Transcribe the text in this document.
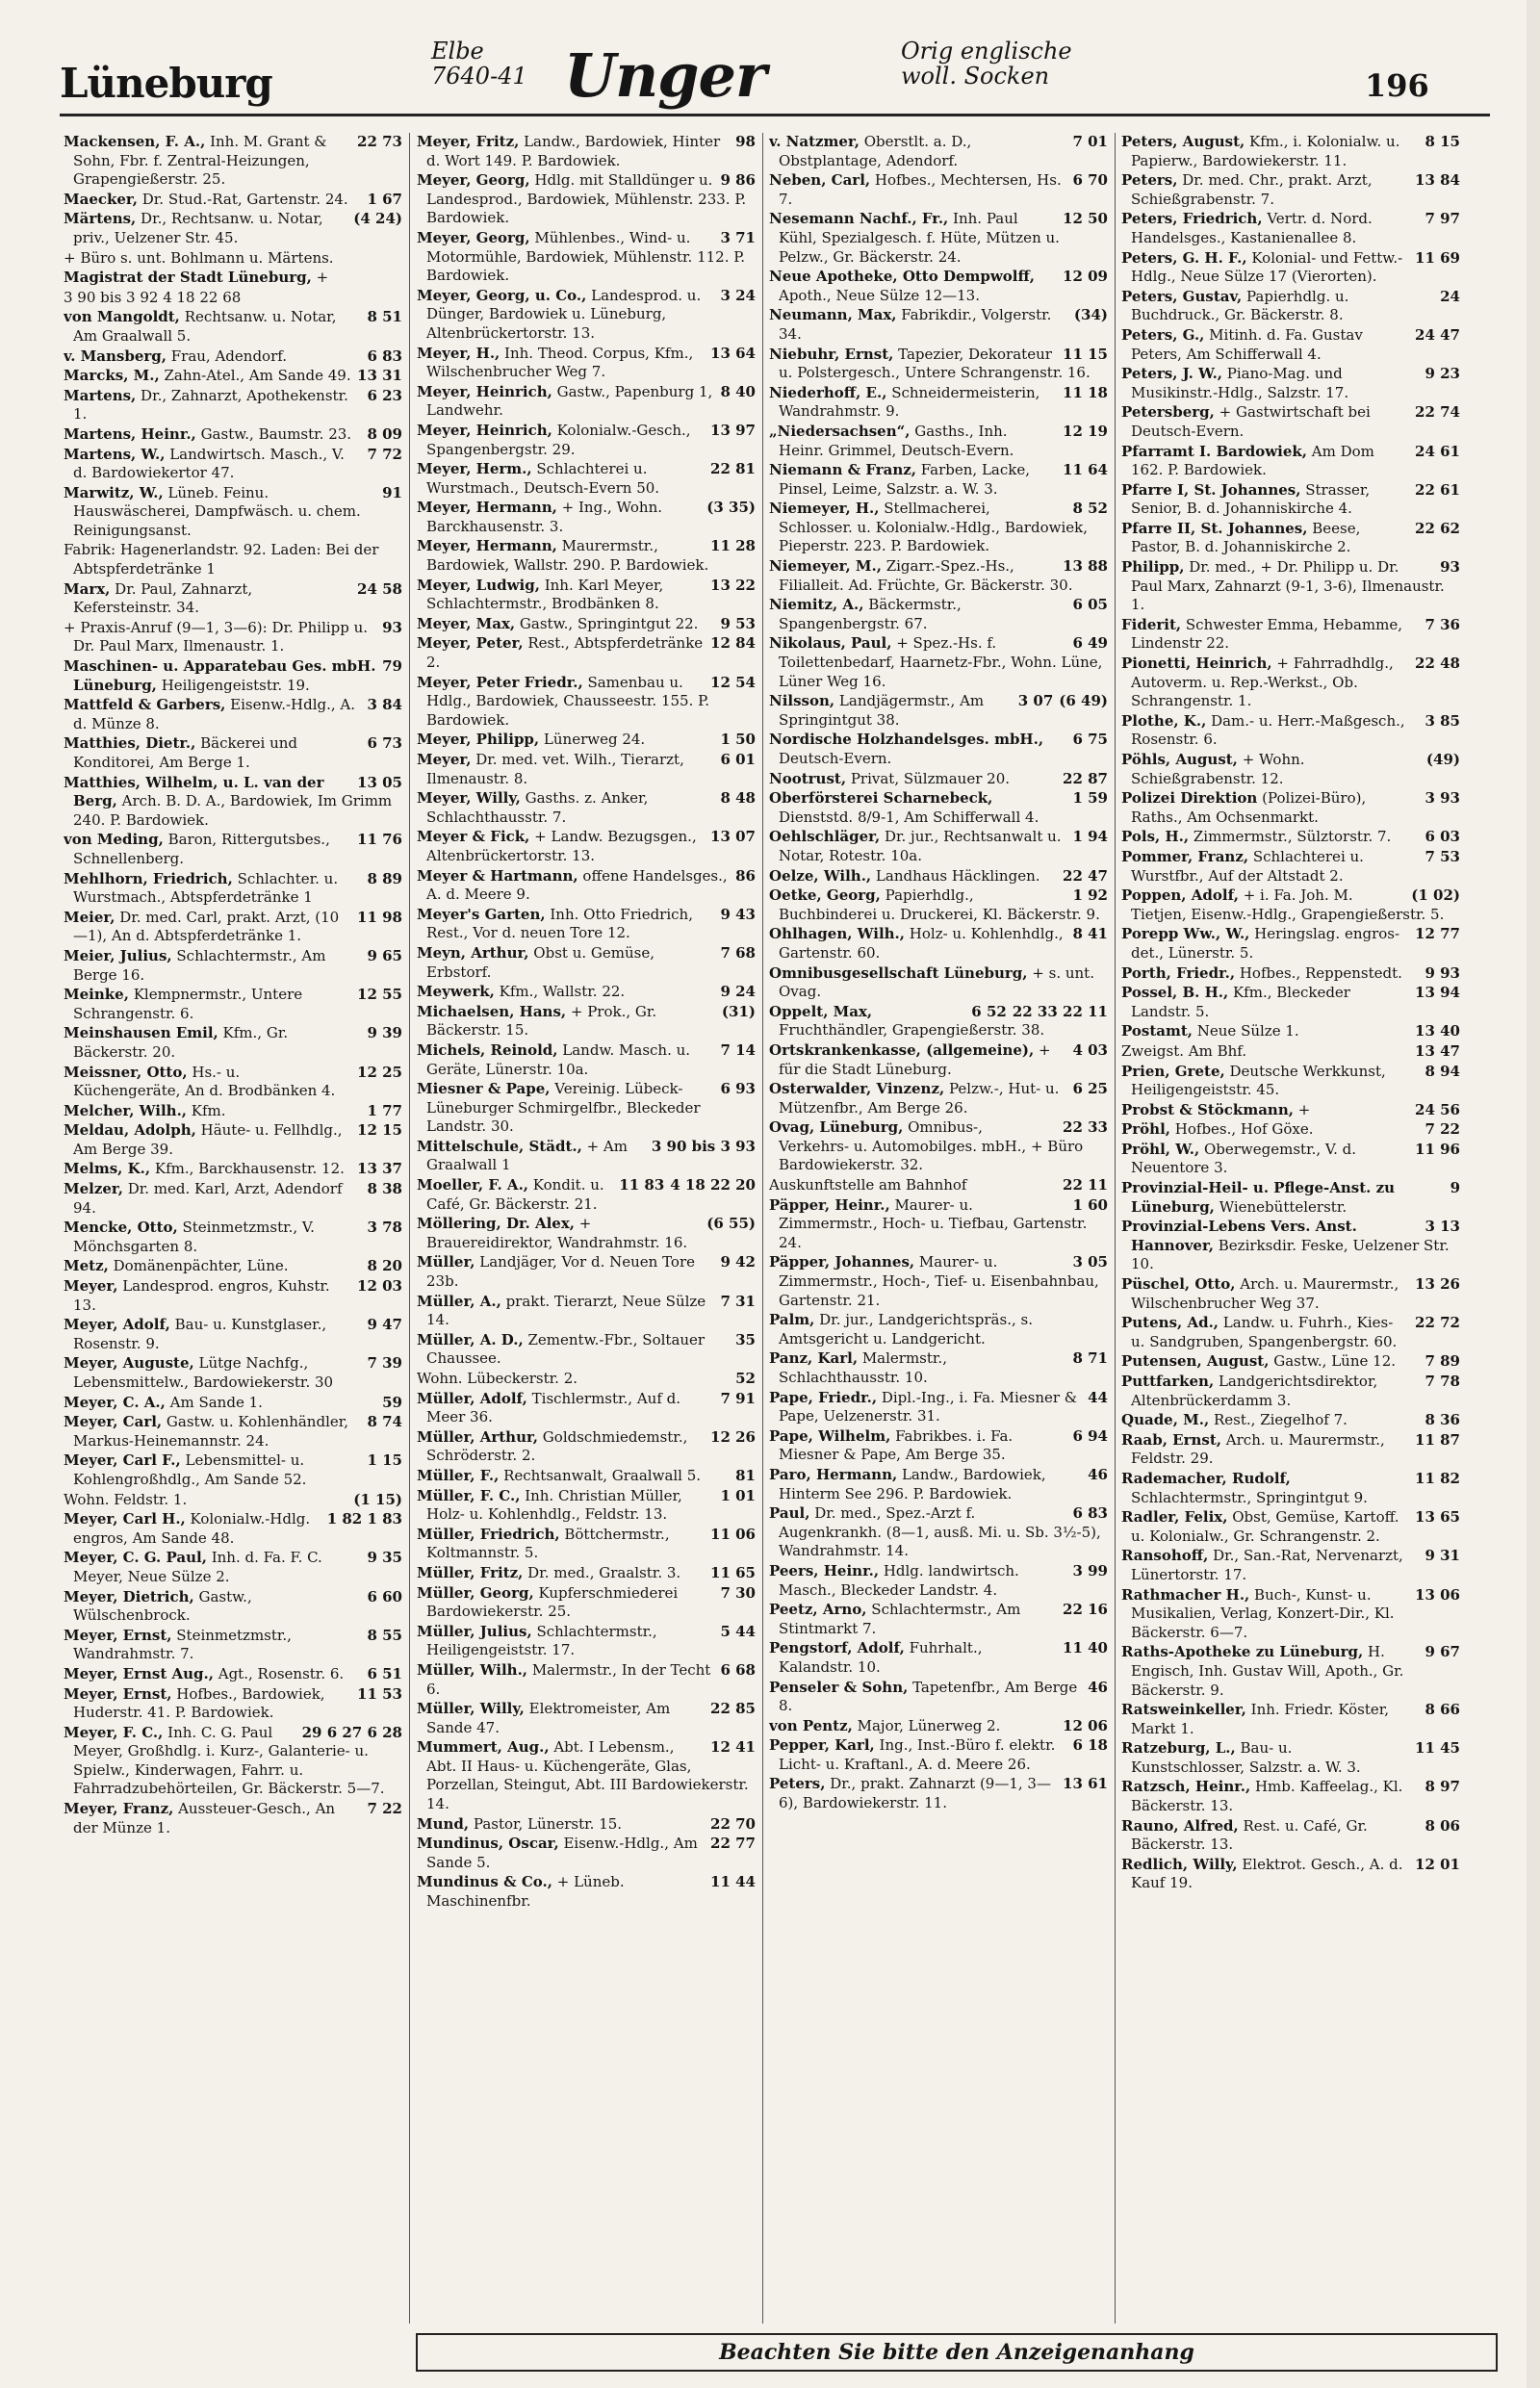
Lüneburg
Elbe
7640-41 Unger	Orig englische
woll. Socken	196
22 73
Mackensen, F. A., Inh. M. Grant & Sohn, Fbr. f. Zentral-Heizungen, Grapengießerstr. 25.
1 67
Maecker, Dr. Stud.-Rat, Gartenstr. 24.
(4 24)
Märtens, Dr., Rechtsanw. u. Notar, priv., Uelzener Str. 45.
+ Büro s. unt. Bohlmann u. Märtens.
Magistrat der Stadt Lüneburg, +
3 90 bis 3 92 4 18 22 68
8 51
von Mangoldt, Rechtsanw. u. Notar, Am Graalwall 5.
6 83
v. Mansberg, Frau, Adendorf.
13 31
Marcks, M., Zahn-Atel., Am Sande 49.
6 23
Martens, Dr., Zahnarzt, Apothekenstr. 1.
8 09
Martens, Heinr., Gastw., Baumstr. 23.
7 72
Martens, W., Landwirtsch. Masch., V. d. Bardowiekertor 47.
91
Marwitz, W., Lüneb. Feinu. Hauswäscherei, Dampfwäsch. u. chem. Reinigungsanst.
Fabrik: Hagenerlandstr. 92. Laden: Bei der Abtspferdetränke 1
24 58
Marx, Dr. Paul, Zahnarzt, Kefersteinstr. 34.
93
+ Praxis-Anruf (9—1, 3—6): Dr. Philipp u. Dr. Paul Marx, Ilmenaustr. 1.
79
Maschinen- u. Apparatebau Ges. mbH. Lüneburg, Heiligengeiststr. 19.
3 84
Mattfeld & Garbers, Eisenw.-Hdlg., A. d. Münze 8.
6 73
Matthies, Dietr., Bäckerei und Konditorei, Am Berge 1.
13 05
Matthies, Wilhelm, u. L. van der Berg, Arch. B. D. A., Bardowiek, Im Grimm 240. P. Bardowiek.
11 76
von Meding, Baron, Rittergutsbes., Schnellenberg.
8 89
Mehlhorn, Friedrich, Schlachter. u. Wurstmach., Abtspferdetränke 1
11 98
Meier, Dr. med. Carl, prakt. Arzt, (10—1), An d. Abtspferdetränke 1.
9 65
Meier, Julius, Schlachtermstr., Am Berge 16.
12 55
Meinke, Klempnermstr., Untere Schrangenstr. 6.
9 39
Meinshausen Emil, Kfm., Gr. Bäckerstr. 20.
12 25
Meissner, Otto, Hs.- u. Küchengeräte, An d. Brodbänken 4.
1 77
Melcher, Wilh., Kfm.
12 15
Meldau, Adolph, Häute- u. Fellhdlg., Am Berge 39.
13 37
Melms, K., Kfm., Barckhausenstr. 12.
8 38
Melzer, Dr. med. Karl, Arzt, Adendorf 94.
3 78
Mencke, Otto, Steinmetzmstr., V. Mönchsgarten 8.
8 20
Metz, Domänenpächter, Lüne.
12 03
Meyer, Landesprod. engros, Kuhstr. 13.
9 47
Meyer, Adolf, Bau- u. Kunstglaser., Rosenstr. 9.
7 39
Meyer, Auguste, Lütge Nachfg., Lebensmittelw., Bardowiekerstr. 30
59
Meyer, C. A., Am Sande 1.
8 74
Meyer, Carl, Gastw. u. Kohlenhändler, Markus-Heinemannstr. 24.
1 15
Meyer, Carl F., Lebensmittel- u. Kohlengroßhdlg., Am Sande 52.
(1 15)
Wohn. Feldstr. 1.
1 82 1 83
Meyer, Carl H., Kolonialw.-Hdlg. engros, Am Sande 48.
9 35
Meyer, C. G. Paul, Inh. d. Fa. F. C. Meyer, Neue Sülze 2.
6 60
Meyer, Dietrich, Gastw., Wülschenbrock.
8 55
Meyer, Ernst, Steinmetzmstr., Wandrahmstr. 7.
6 51
Meyer, Ernst Aug., Agt., Rosenstr. 6.
11 53
Meyer, Ernst, Hofbes., Bardowiek, Huderstr. 41. P. Bardowiek.
29 6 27 6 28
Meyer, F. C., Inh. C. G. Paul Meyer, Großhdlg. i. Kurz-, Galanterie- u. Spielw., Kinderwagen, Fahrr. u. Fahrradzubehörteilen, Gr. Bäckerstr. 5—7.
7 22
Meyer, Franz, Aussteuer-Gesch., An der Münze 1.
98
Meyer, Fritz, Landw., Bardowiek, Hinter d. Wort 149. P. Bardowiek.
9 86
Meyer, Georg, Hdlg. mit Stalldünger u. Landesprod., Bardowiek, Mühlenstr. 233. P. Bardowiek.
3 71
Meyer, Georg, Mühlenbes., Wind- u. Motormühle, Bardowiek, Mühlenstr. 112. P. Bardowiek.
3 24
Meyer, Georg, u. Co., Landesprod. u. Dünger, Bardowiek u. Lüneburg, Altenbrückertorstr. 13.
13 64
Meyer, H., Inh. Theod. Corpus, Kfm., Wilschenbrucher Weg 7.
8 40
Meyer, Heinrich, Gastw., Papenburg 1, Landwehr.
13 97
Meyer, Heinrich, Kolonialw.-Gesch., Spangenbergstr. 29.
22 81
Meyer, Herm., Schlachterei u. Wurstmach., Deutsch-Evern 50.
(3 35)
Meyer, Hermann, + Ing., Wohn. Barckhausenstr. 3.
11 28
Meyer, Hermann, Maurermstr., Bardowiek, Wallstr. 290. P. Bardowiek.
13 22
Meyer, Ludwig, Inh. Karl Meyer, Schlachtermstr., Brodbänken 8.
9 53
Meyer, Max, Gastw., Springintgut 22.
12 84
Meyer, Peter, Rest., Abtspferdetränke 2.
12 54
Meyer, Peter Friedr., Samenbau u. Hdlg., Bardowiek, Chausseestr. 155. P. Bardowiek.
1 50
Meyer, Philipp, Lünerweg 24.
6 01
Meyer, Dr. med. vet. Wilh., Tierarzt, Ilmenaustr. 8.
8 48
Meyer, Willy, Gasths. z. Anker, Schlachthausstr. 7.
13 07
Meyer & Fick, + Landw. Bezugsgen., Altenbrückertorstr. 13.
86
Meyer & Hartmann, offene Handelsges., A. d. Meere 9.
9 43
Meyer's Garten, Inh. Otto Friedrich, Rest., Vor d. neuen Tore 12.
7 68
Meyn, Arthur, Obst u. Gemüse, Erbstorf.
9 24
Meywerk, Kfm., Wallstr. 22.
(31)
Michaelsen, Hans, + Prok., Gr. Bäckerstr. 15.
7 14
Michels, Reinold, Landw. Masch. u. Geräte, Lünerstr. 10a.
6 93
Miesner & Pape, Vereinig. Lübeck-Lüneburger Schmirgelfbr., Bleckeder Landstr. 30.
3 90 bis 3 93
Mittelschule, Städt., + Am Graalwall 1
4 18 22 20
11 83
Moeller, F. A., Kondit. u. Café, Gr. Bäckerstr. 21.
(6 55)
Möllering, Dr. Alex, + Brauereidirektor, Wandrahmstr. 16.
9 42
Müller, Landjäger, Vor d. Neuen Tore 23b.
7 31
Müller, A., prakt. Tierarzt, Neue Sülze 14.
35
Müller, A. D., Zementw.-Fbr., Soltauer Chaussee.
52
Wohn. Lübeckerstr. 2.
7 91
Müller, Adolf, Tischlermstr., Auf d. Meer 36.
12 26
Müller, Arthur, Goldschmiedemstr., Schröderstr. 2.
81
Müller, F., Rechtsanwalt, Graalwall 5.
1 01
Müller, F. C., Inh. Christian Müller, Holz- u. Kohlenhdlg., Feldstr. 13.
11 06
Müller, Friedrich, Böttchermstr., Koltmannstr. 5.
11 65
Müller, Fritz, Dr. med., Graalstr. 3.
7 30
Müller, Georg, Kupferschmiederei Bardowiekerstr. 25.
5 44
Müller, Julius, Schlachtermstr., Heiligengeiststr. 17.
6 68
Müller, Wilh., Malermstr., In der Techt 6.
22 85
Müller, Willy, Elektromeister, Am Sande 47.
12 41
Mummert, Aug., Abt. I Lebensm., Abt. II Haus- u. Küchengeräte, Glas, Porzellan, Steingut, Abt. III Bardowiekerstr. 14.
22 70
Mund, Pastor, Lünerstr. 15.
22 77
Mundinus, Oscar, Eisenw.-Hdlg., Am Sande 5.
11 44
Mundinus & Co., + Lüneb. Maschinenfbr.
7 01
v. Natzmer, Oberstlt. a. D., Obstplantage, Adendorf.
6 70
Neben, Carl, Hofbes., Mechtersen, Hs. 7.
12 50
Nesemann Nachf., Fr., Inh. Paul Kühl, Spezialgesch. f. Hüte, Mützen u. Pelzw., Gr. Bäckerstr. 24.
12 09
Neue Apotheke, Otto Dempwolff, Apoth., Neue Sülze 12—13.
(34)
Neumann, Max, Fabrikdir., Volgerstr. 34.
11 15
Niebuhr, Ernst, Tapezier, Dekorateur u. Polstergesch., Untere Schrangenstr. 16.
11 18
Niederhoff, E., Schneidermeisterin, Wandrahmstr. 9.
12 19
„Niedersachsen“, Gasths., Inh. Heinr. Grimmel, Deutsch-Evern.
11 64
Niemann & Franz, Farben, Lacke, Pinsel, Leime, Salzstr. a. W. 3.
8 52
Niemeyer, H., Stellmacherei, Schlosser. u. Kolonialw.-Hdlg., Bardowiek, Pieperstr. 223. P. Bardowiek.
13 88
Niemeyer, M., Zigarr.-Spez.-Hs., Filialleit. Ad. Früchte, Gr. Bäckerstr. 30.
6 05
Niemitz, A., Bäckermstr., Spangenbergstr. 67.
6 49
Nikolaus, Paul, + Spez.-Hs. f. Toilettenbedarf, Haarnetz-Fbr., Wohn. Lüne, Lüner Weg 16.
(6 49)
3 07
Nilsson, Landjägermstr., Am Springintgut 38.
6 75
Nordische Holzhandelsges. mbH., Deutsch-Evern.
22 87
Nootrust, Privat, Sülzmauer 20.
1 59
Oberförsterei Scharnebeck, Dienststd. 8/9-1, Am Schifferwall 4.
1 94
Oehlschläger, Dr. jur., Rechtsanwalt u. Notar, Rotestr. 10a.
22 47
Oelze, Wilh., Landhaus Häcklingen.
1 92
Oetke, Georg, Papierhdlg., Buchbinderei u. Druckerei, Kl. Bäckerstr. 9.
8 41
Ohlhagen, Wilh., Holz- u. Kohlenhdlg., Gartenstr. 60.
Omnibusgesellschaft Lüneburg, + s. unt. Ovag.
22 33 22 11
6 52
Oppelt, Max, Fruchthändler, Grapengießerstr. 38.
4 03
Ortskrankenkasse, (allgemeine), + für die Stadt Lüneburg.
6 25
Osterwalder, Vinzenz, Pelzw.-, Hut- u. Mützenfbr., Am Berge 26.
22 33
Ovag, Lüneburg, Omnibus-, Verkehrs- u. Automobilges. mbH., + Büro Bardowiekerstr. 32.
22 11
Auskunftstelle am Bahnhof
1 60
Päpper, Heinr., Maurer- u. Zimmermstr., Hoch- u. Tiefbau, Gartenstr. 24.
3 05
Päpper, Johannes, Maurer- u. Zimmermstr., Hoch-, Tief- u. Eisenbahnbau, Gartenstr. 21.
Palm, Dr. jur., Landgerichtspräs., s. Amtsgericht u. Landgericht.
8 71
Panz, Karl, Malermstr., Schlachthausstr. 10.
44
Pape, Friedr., Dipl.-Ing., i. Fa. Miesner & Pape, Uelzenerstr. 31.
6 94
Pape, Wilhelm, Fabrikbes. i. Fa. Miesner & Pape, Am Berge 35.
46
Paro, Hermann, Landw., Bardowiek, Hinterm See 296. P. Bardowiek.
6 83
Paul, Dr. med., Spez.-Arzt f. Augenkrankh. (8—1, ausß. Mi. u. Sb. 3½-5), Wandrahmstr. 14.
3 99
Peers, Heinr., Hdlg. landwirtsch. Masch., Bleckeder Landstr. 4.
22 16
Peetz, Arno, Schlachtermstr., Am Stintmarkt 7.
11 40
Pengstorf, Adolf, Fuhrhalt., Kalandstr. 10.
46
Penseler & Sohn, Tapetenfbr., Am Berge 8.
12 06
von Pentz, Major, Lünerweg 2.
6 18
Pepper, Karl, Ing., Inst.-Büro f. elektr. Licht- u. Kraftanl., A. d. Meere 26.
13 61
Peters, Dr., prakt. Zahnarzt (9—1, 3—6), Bardowiekerstr. 11.
8 15
Peters, August, Kfm., i. Kolonialw. u. Papierw., Bardowiekerstr. 11.
13 84
Peters, Dr. med. Chr., prakt. Arzt, Schießgrabenstr. 7.
7 97
Peters, Friedrich, Vertr. d. Nord. Handelsges., Kastanienallee 8.
11 69
Peters, G. H. F., Kolonial- und Fettw.-Hdlg., Neue Sülze 17 (Vierorten).
24
Peters, Gustav, Papierhdlg. u. Buchdruck., Gr. Bäckerstr. 8.
24 47
Peters, G., Mitinh. d. Fa. Gustav Peters, Am Schifferwall 4.
9 23
Peters, J. W., Piano-Mag. und Musikinstr.-Hdlg., Salzstr. 17.
22 74
Petersberg, + Gastwirtschaft bei Deutsch-Evern.
24 61
Pfarramt I. Bardowiek, Am Dom 162. P. Bardowiek.
22 61
Pfarre I, St. Johannes, Strasser, Senior, B. d. Johanniskirche 4.
22 62
Pfarre II, St. Johannes, Beese, Pastor, B. d. Johanniskirche 2.
93
Philipp, Dr. med., + Dr. Philipp u. Dr. Paul Marx, Zahnarzt (9-1, 3-6), Ilmenaustr. 1.
7 36
Fiderit, Schwester Emma, Hebamme, Lindenstr 22.
22 48
Pionetti, Heinrich, + Fahrradhdlg., Autoverm. u. Rep.-Werkst., Ob. Schrangenstr. 1.
3 85
Plothe, K., Dam.- u. Herr.-Maßgesch., Rosenstr. 6.
(49)
Pöhls, August, + Wohn. Schießgrabenstr. 12.
3 93
Polizei Direktion (Polizei-Büro), Raths., Am Ochsenmarkt.
6 03
Pols, H., Zimmermstr., Sülztorstr. 7.
7 53
Pommer, Franz, Schlachterei u. Wurstfbr., Auf der Altstadt 2.
(1 02)
Poppen, Adolf, + i. Fa. Joh. M. Tietjen, Eisenw.-Hdlg., Grapengießerstr. 5.
12 77
Porepp Ww., W., Heringslag. engros-det., Lünerstr. 5.
9 93
Porth, Friedr., Hofbes., Reppenstedt.
13 94
Possel, B. H., Kfm., Bleckeder Landstr. 5.
13 40
Postamt, Neue Sülze 1.
13 47
Zweigst. Am Bhf.
8 94
Prien, Grete, Deutsche Werkkunst, Heiligengeiststr. 45.
24 56
Probst & Stöckmann, +
7 22
Pröhl, Hofbes., Hof Göxe.
11 96
Pröhl, W., Oberwegemstr., V. d. Neuentore 3.
9
Provinzial-Heil- u. Pflege-Anst. zu Lüneburg, Wienebüttelerstr.
3 13
Provinzial-Lebens Vers. Anst. Hannover, Bezirksdir. Feske, Uelzener Str. 10.
13 26
Püschel, Otto, Arch. u. Maurermstr., Wilschenbrucher Weg 37.
22 72
Putens, Ad., Landw. u. Fuhrh., Kies- u. Sandgruben, Spangenbergstr. 60.
7 89
Putensen, August, Gastw., Lüne 12.
7 78
Puttfarken, Landgerichtsdirektor, Altenbrückerdamm 3.
8 36
Quade, M., Rest., Ziegelhof 7.
11 87
Raab, Ernst, Arch. u. Maurermstr., Feldstr. 29.
11 82
Rademacher, Rudolf, Schlachtermstr., Springintgut 9.
13 65
Radler, Felix, Obst, Gemüse, Kartoff. u. Kolonialw., Gr. Schrangenstr. 2.
9 31
Ransohoff, Dr., San.-Rat, Nervenarzt, Lünertorstr. 17.
13 06
Rathmacher H., Buch-, Kunst- u. Musikalien, Verlag, Konzert-Dir., Kl. Bäckerstr. 6—7.
9 67
Raths-Apotheke zu Lüneburg, H. Engisch, Inh. Gustav Will, Apoth., Gr. Bäckerstr. 9.
8 66
Ratsweinkeller, Inh. Friedr. Köster, Markt 1.
11 45
Ratzeburg, L., Bau- u. Kunstschlosser, Salzstr. a. W. 3.
8 97
Ratzsch, Heinr., Hmb. Kaffeelag., Kl. Bäckerstr. 13.
8 06
Rauno, Alfred, Rest. u. Café, Gr. Bäckerstr. 13.
12 01
Redlich, Willy, Elektrot. Gesch., A. d. Kauf 19.
Beachten Sie bitte den Anzeigenanhang
